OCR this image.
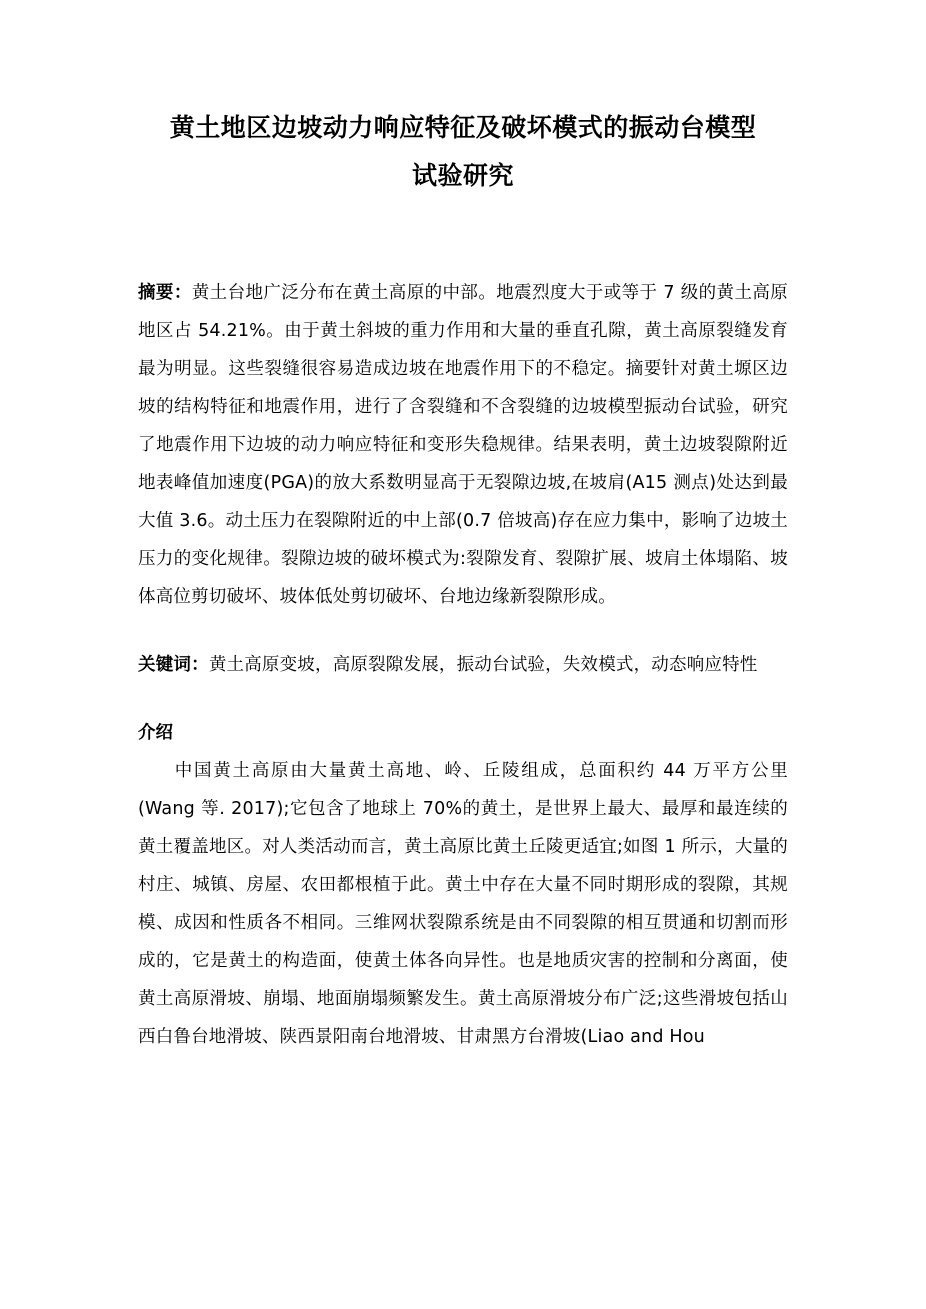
黄土地区边坡动力响应特征及破坏模式的振动台模型
试验研究

摘要：黄土台地广泛分布在黄土高原的中部。地震烈度大于或等于 7 级的黄土高原地区占 54.21%。由于黄土斜坡的重力作用和大量的垂直孔隙，黄土高原裂缝发育最为明显。这些裂缝很容易造成边坡在地震作用下的不稳定。摘要针对黄土塬区边坡的结构特征和地震作用，进行了含裂缝和不含裂缝的边坡模型振动台试验，研究了地震作用下边坡的动力响应特征和变形失稳规律。结果表明，黄土边坡裂隙附近地表峰值加速度(PGA)的放大系数明显高于无裂隙边坡,在坡肩(A15 测点)处达到最大值 3.6。动土压力在裂隙附近的中上部(0.7 倍坡高)存在应力集中，影响了边坡土压力的变化规律。裂隙边坡的破坏模式为:裂隙发育、裂隙扩展、坡肩土体塌陷、坡体高位剪切破坏、坡体低处剪切破坏、台地边缘新裂隙形成。

关键词：黄土高原变坡，高原裂隙发展，振动台试验，失效模式，动态响应特性

介绍

中国黄土高原由大量黄土高地、岭、丘陵组成，总面积约 44 万平方公里(Wang 等. 2017);它包含了地球上 70%的黄土，是世界上最大、最厚和最连续的黄土覆盖地区。对人类活动而言，黄土高原比黄土丘陵更适宜;如图 1 所示，大量的村庄、城镇、房屋、农田都根植于此。黄土中存在大量不同时期形成的裂隙，其规模、成因和性质各不相同。三维网状裂隙系统是由不同裂隙的相互贯通和切割而形成的，它是黄土的构造面，使黄土体各向异性。也是地质灾害的控制和分离面，使黄土高原滑坡、崩塌、地面崩塌频繁发生。黄土高原滑坡分布广泛;这些滑坡包括山西白鲁台地滑坡、陕西景阳南台地滑坡、甘肃黑方台滑坡(Liao and Hou
